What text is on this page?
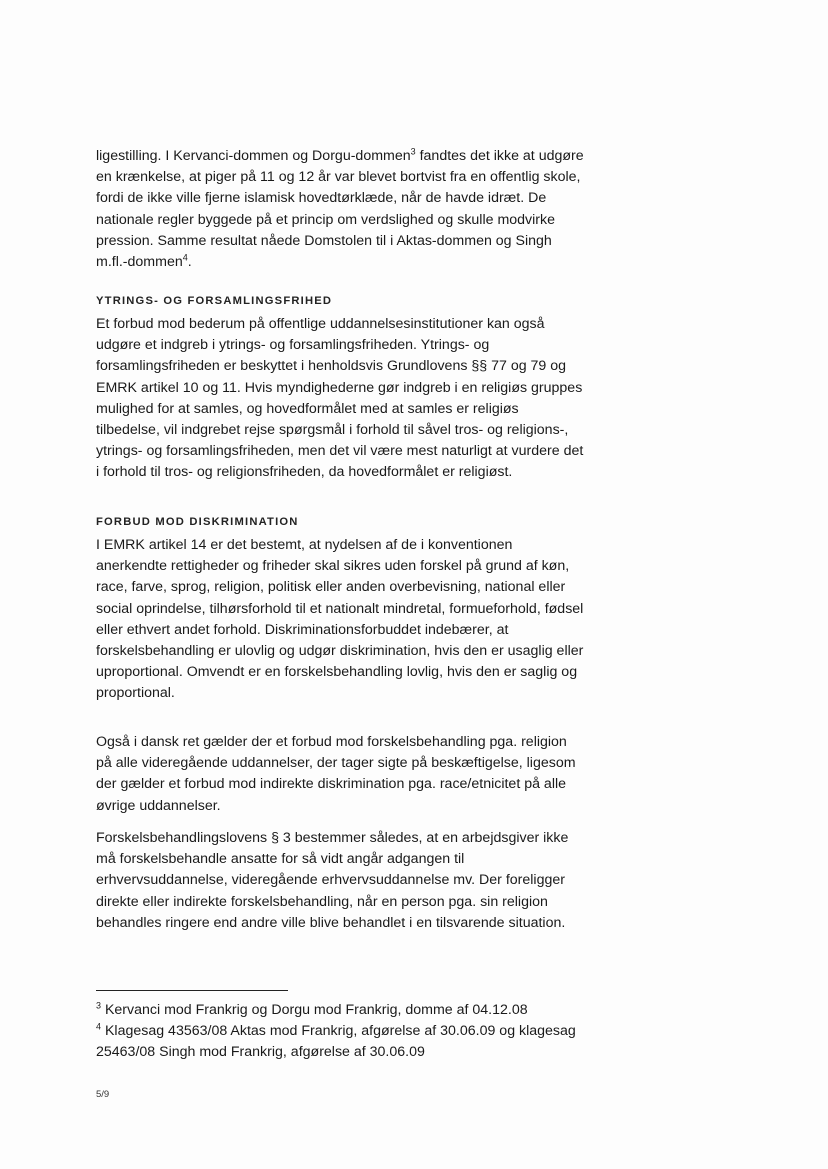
ligestilling. I Kervanci-dommen og Dorgu-dommen$^3$ fandtes det ikke at udgøre en krænkelse, at piger på 11 og 12 år var blevet bortvist fra en offentlig skole, fordi de ikke ville fjerne islamisk hovedtørklæde, når de havde idræt. De nationale regler byggede på et princip om verdslighed og skulle modvirke pression. Samme resultat nåede Domstolen til i Aktas-dommen og Singh m.fl.-dommen$^4$.

YTRINGS- OG FORSAMLINGSFRIHED

Et forbud mod bederum på offentlige uddannelsesinstitutioner kan også udgøre et indgreb i ytrings- og forsamlingsfriheden. Ytrings- og forsamlingsfriheden er beskyttet i henholdsvis Grundlovens §§ 77 og 79 og EMRK artikel 10 og 11. Hvis myndighederne gør indgreb i en religiøs gruppes mulighed for at samles, og hovedformålet med at samles er religiøs tilbedelse, vil indgrebet rejse spørgsmål i forhold til såvel tros- og religions-, ytrings- og forsamlingsfriheden, men det vil være mest naturligt at vurdere det i forhold til tros- og religionsfriheden, da hovedformålet er religiøst.

FORBUD MOD DISKRIMINATION

I EMRK artikel 14 er det bestemt, at nydelsen af de i konventionen anerkendte rettigheder og friheder skal sikres uden forskel på grund af køn, race, farve, sprog, religion, politisk eller anden overbevisning, national eller social oprindelse, tilhørsforhold til et nationalt mindretal, formueforhold, fødsel eller ethvert andet forhold. Diskriminationsforbuddet indebærer, at forskelsbehandling er ulovlig og udgør diskrimination, hvis den er usaglig eller uproportional. Omvendt er en forskelsbehandling lovlig, hvis den er saglig og proportional.

Også i dansk ret gælder der et forbud mod forskelsbehandling pga. religion på alle videregående uddannelser, der tager sigte på beskæftigelse, ligesom der gælder et forbud mod indirekte diskrimination pga. race/etnicitet på alle øvrige uddannelser.

Forskelsbehandlingslovens § 3 bestemmer således, at en arbejdsgiver ikke må forskelsbehandle ansatte for så vidt angår adgangen til erhvervsuddannelse, videregående erhvervsuddannelse mv. Der foreligger direkte eller indirekte forskelsbehandling, når en person pga. sin religion behandles ringere end andre ville blive behandlet i en tilsvarende situation.

$^3$ Kervanci mod Frankrig og Dorgu mod Frankrig, domme af 04.12.08

$^4$ Klagesag 43563/08 Aktas mod Frankrig, afgørelse af 30.06.09 og klagesag 25463/08 Singh mod Frankrig, afgørelse af 30.06.09

5/9
